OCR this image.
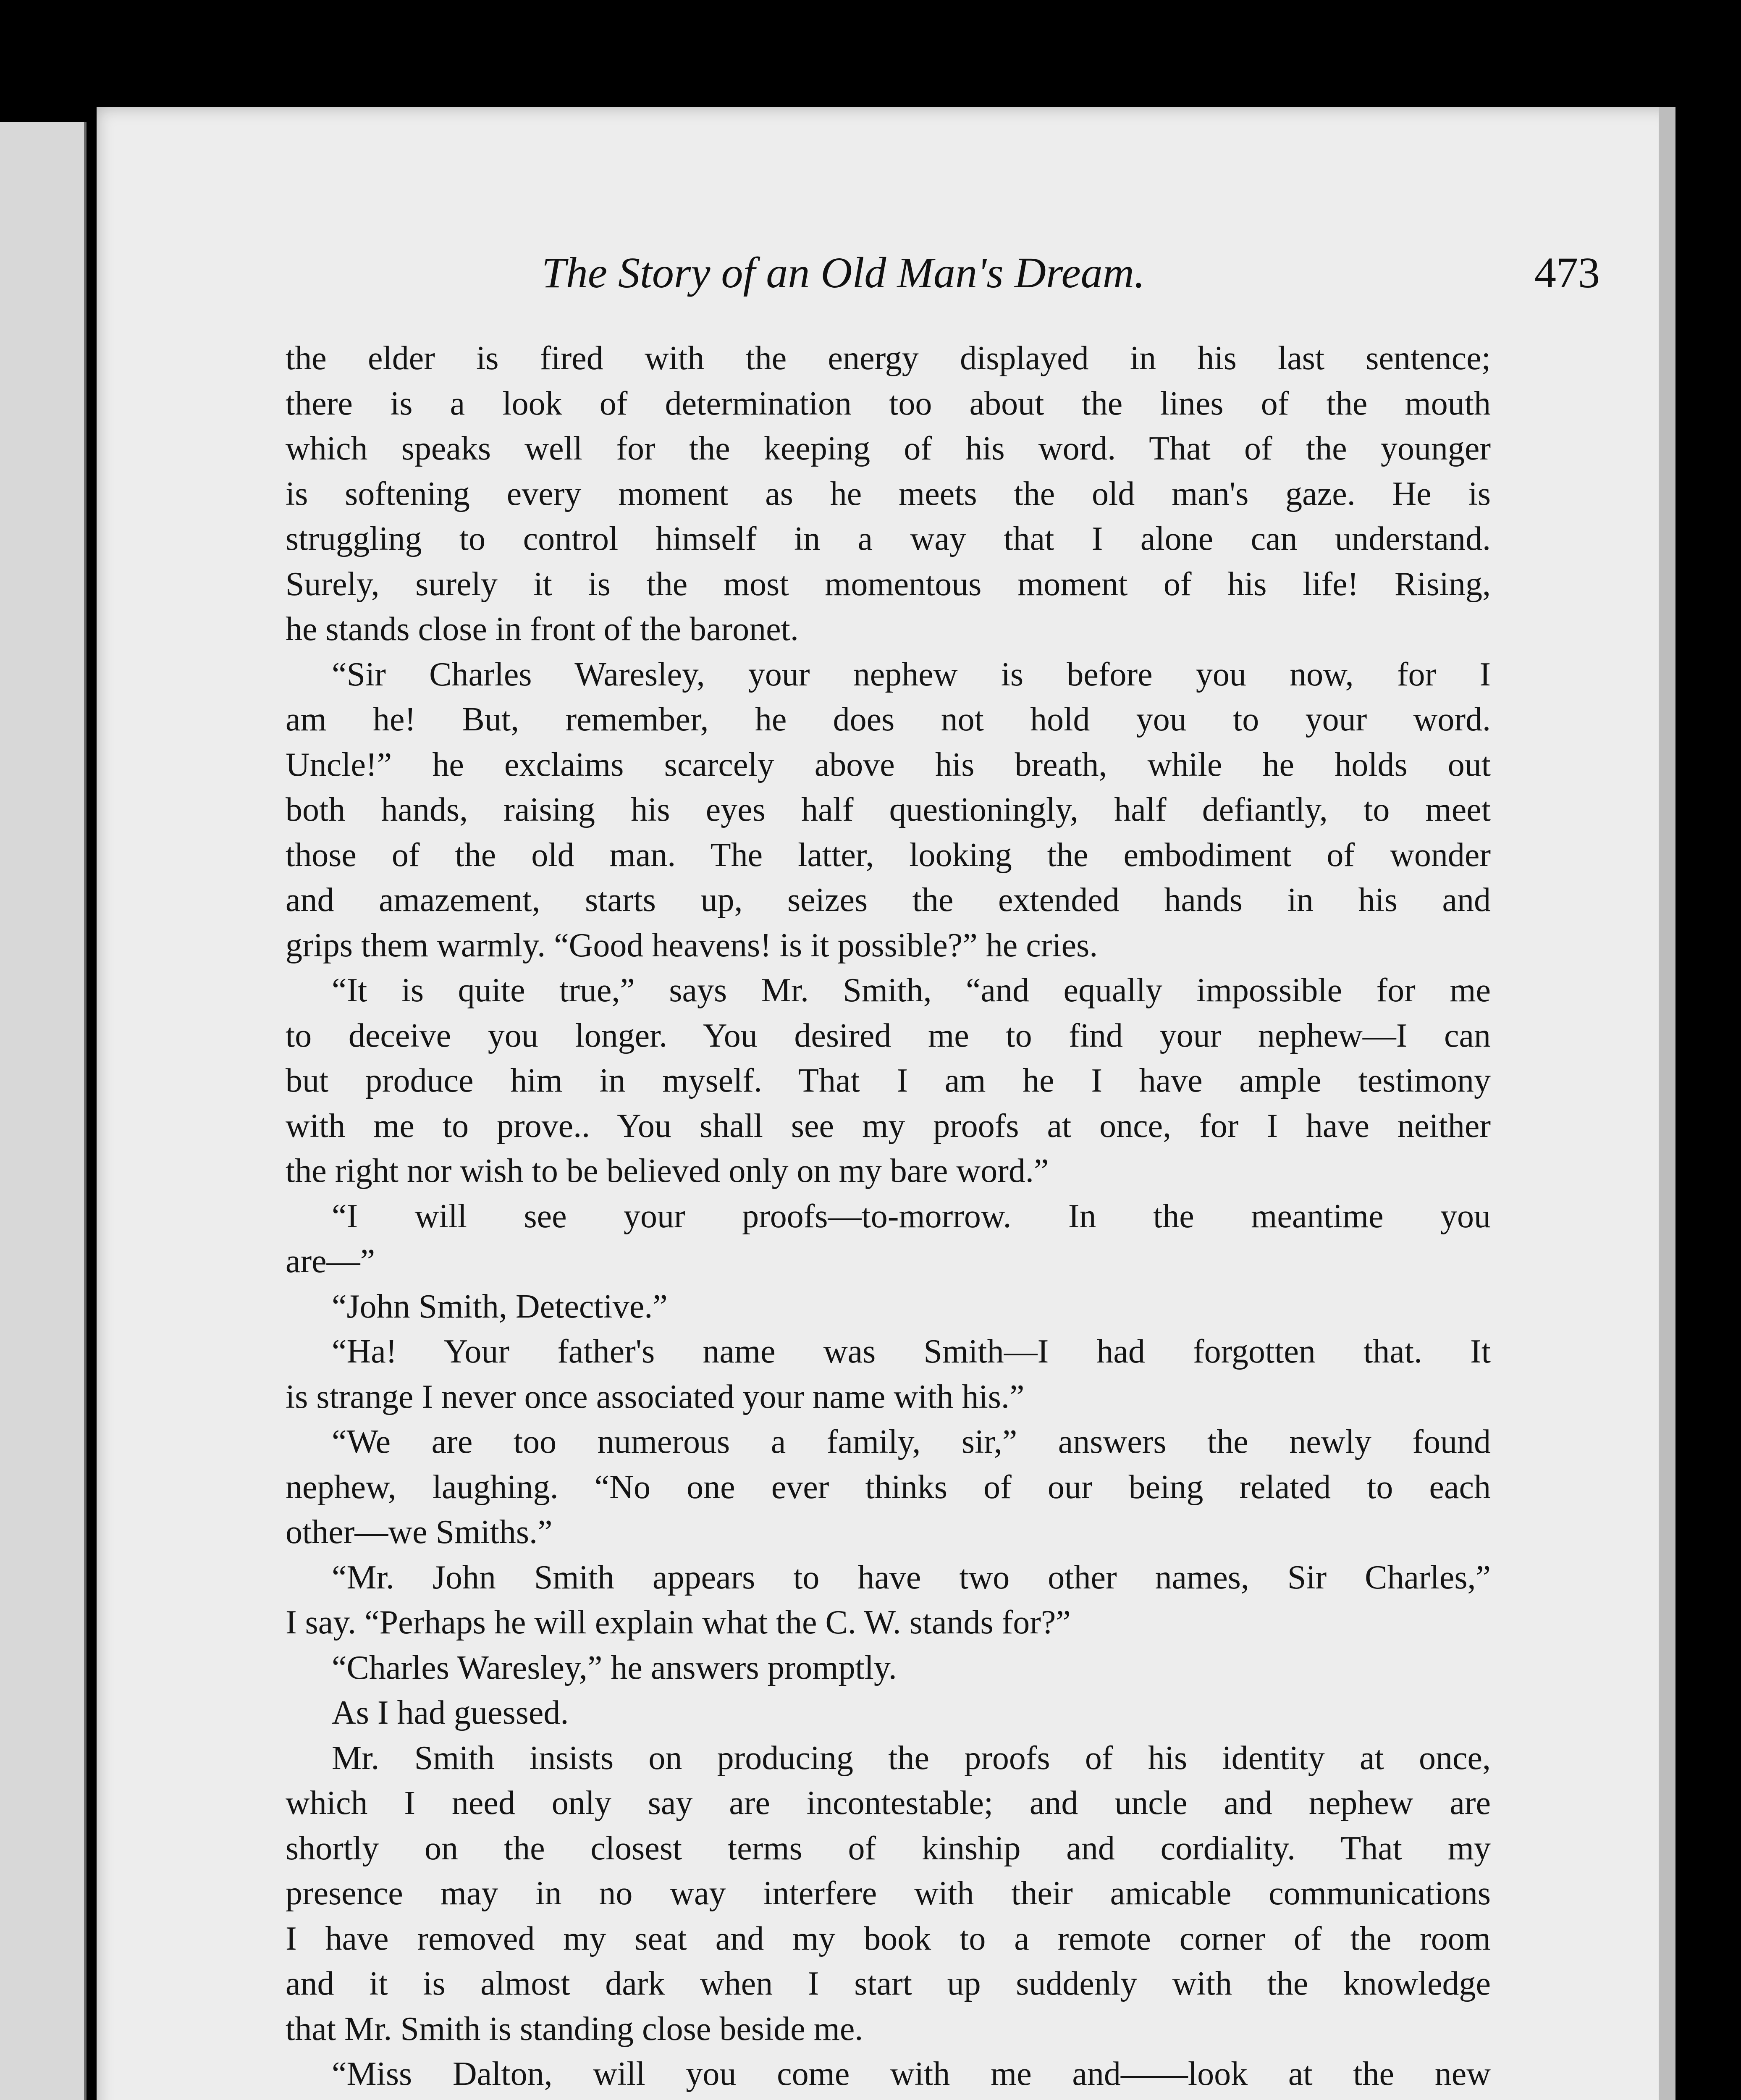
The Story of an Old Man's Dream.	473
the elder is fired with the energy displayed in his last sentence;
there is a look of determination too about the lines of the mouth
which speaks well for the keeping of his word. That of the younger
is softening every moment as he meets the old man's gaze. He is
struggling to control himself in a way that I alone can understand.
Surely, surely it is the most momentous moment of his life! Rising,
he stands close in front of the baronet.
“Sir Charles Waresley, your nephew is before you now, for I
am he! But, remember, he does not hold you to your word.
Uncle!” he exclaims scarcely above his breath, while he holds out
both hands, raising his eyes half questioningly, half defiantly, to meet
those of the old man. The latter, looking the embodiment of wonder
and amazement, starts up, seizes the extended hands in his and
grips them warmly. “Good heavens! is it possible?” he cries.
“It is quite true,” says Mr. Smith, “and equally impossible for me
to deceive you longer. You desired me to find your nephew—I can
but produce him in myself. That I am he I have ample testimony
with me to prove.. You shall see my proofs at once, for I have neither
the right nor wish to be believed only on my bare word.”
“I will see your proofs—to-morrow. In the meantime you
are—”
“John Smith, Detective.”
“Ha! Your father's name was Smith—I had forgotten that. It
is strange I never once associated your name with his.”
“We are too numerous a family, sir,” answers the newly found
nephew, laughing. “No one ever thinks of our being related to each
other—we Smiths.”
“Mr. John Smith appears to have two other names, Sir Charles,”
I say. “Perhaps he will explain what the C. W. stands for?”
“Charles Waresley,” he answers promptly.
As I had guessed.
Mr. Smith insists on producing the proofs of his identity at once,
which I need only say are incontestable; and uncle and nephew are
shortly on the closest terms of kinship and cordiality. That my
presence may in no way interfere with their amicable communications
I have removed my seat and my book to a remote corner of the room
and it is almost dark when I start up suddenly with the knowledge
that Mr. Smith is standing close beside me.
“Miss Dalton, will you come with me and——look at the new
